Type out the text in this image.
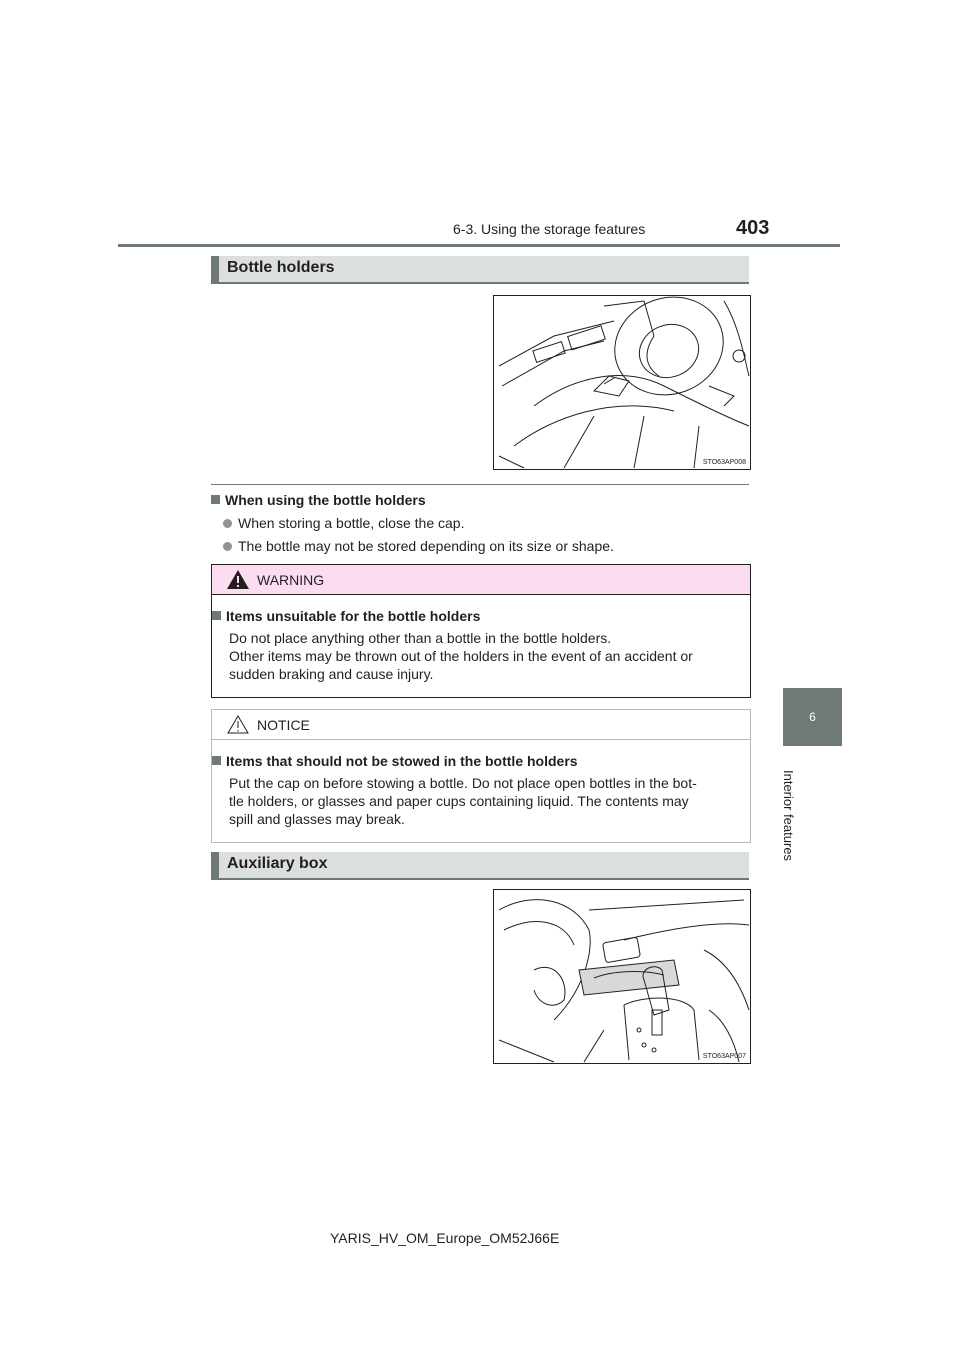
6-3. Using the storage features	403
6
Interior features
Bottle holders
STO63AP008
When using the bottle holders
When storing a bottle, close the cap.
The bottle may not be stored depending on its size or shape.
WARNING
Items unsuitable for the bottle holders
Do not place anything other than a bottle in the bottle holders.
Other items may be thrown out of the holders in the event of an accident or
sudden braking and cause injury.
NOTICE
Items that should not be stowed in the bottle holders
Put the cap on before stowing a bottle. Do not place open bottles in the bot-
tle holders, or glasses and paper cups containing liquid. The contents may
spill and glasses may break.
Auxiliary box
STO63AP007
YARIS_HV_OM_Europe_OM52J66E
